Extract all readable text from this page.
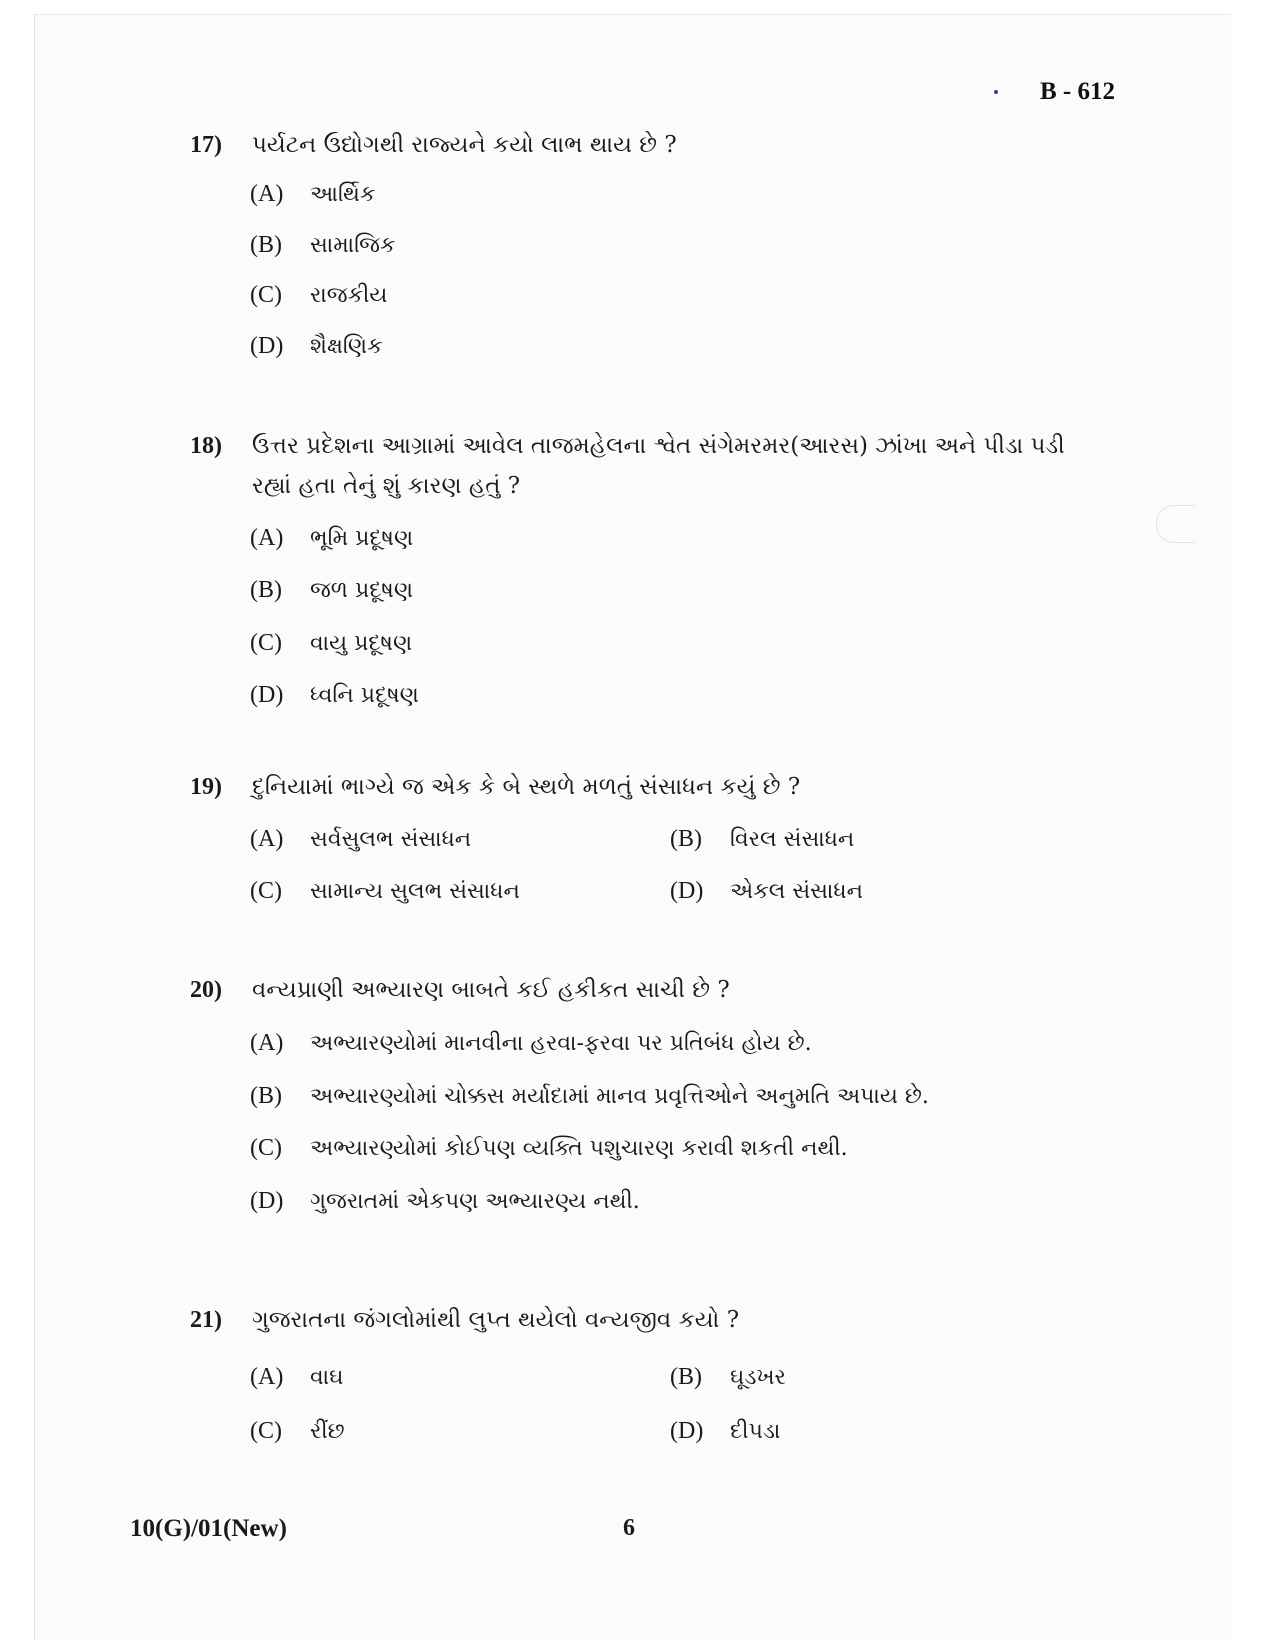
B - 612
17) પર્યટન ઉદ્યોગથી રાજ્યને કયો લાભ થાય છે ?
(A) આર્થિક
(B) સામાજિક
(C) રાજકીય
(D) શૈક્ષણિક
18) ઉત્તર પ્રદેશના આગ્રામાં આવેલ તાજમહેલના શ્વેત સંગેમરમર(આરસ) ઝાંખા અને પીડા પડી રહ્યાં હતા તેનું શું કારણ હતું ?
(A) ભૂમિ પ્રદૂષણ
(B) જળ પ્રદૂષણ
(C) વાયુ પ્રદૂષણ
(D) ધ્વનિ પ્રદૂષણ
19) દુનિયામાં ભાગ્યે જ એક કે બે સ્થળે મળતું સંસાધન કયું છે ?
(A) સર્વસુલભ સંસાધન	(B) વિરલ સંસાધન
(C) સામાન્ય સુલભ સંસાધન	(D) એકલ સંસાધન
20) વન્યપ્રાણી અભ્યારણ બાબતે કઈ હકીકત સાચી છે ?
(A) અભ્યારણ્યોમાં માનવીના હરવા-ફરવા પર પ્રતિબંધ હોય છે.
(B) અભ્યારણ્યોમાં ચોક્કસ મર્યાદામાં માનવ પ્રવૃત્તિઓને અનુમતિ અપાય છે.
(C) અભ્યારણ્યોમાં કોઈપણ વ્યક્તિ પશુચારણ કરાવી શકતી નથી.
(D) ગુજરાતમાં એકપણ અભ્યારણ્ય નથી.
21) ગુજરાતના જંગલોમાંથી લુપ્ત થયેલો વન્યજીવ કયો ?
(A) વાઘ	(B) ઘૂડખર
(C) રીંછ	(D) દીપડા
10(G)/01(New)	6
